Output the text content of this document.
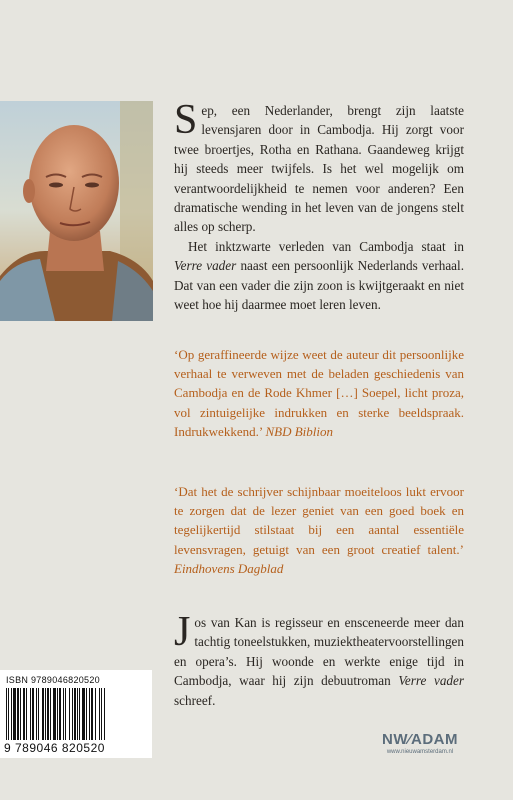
Sep, een Nederlander, brengt zijn laatste levensjaren door in Cambodja. Hij zorgt voor twee broertjes, Rotha en Rathana. Gaandeweg krijgt hij steeds meer twijfels. Is het wel mogelijk om verantwoordelijkheid te nemen voor anderen? Een dramatische wending in het leven van de jongens stelt alles op scherp.

Het inktzwarte verleden van Cambodja staat in Verre vader naast een persoonlijk Nederlands verhaal. Dat van een vader die zijn zoon is kwijtgeraakt en niet weet hoe hij daarmee moet leren leven.

‘Op geraffineerde wijze weet de auteur dit persoonlijke verhaal te verweven met de beladen geschiedenis van Cambodja en de Rode Khmer […] Soepel, licht proza, vol zintuigelijke indrukken en sterke beeldspraak. Indrukwekkend.’ NBD Biblion

‘Dat het de schrijver schijnbaar moeiteloos lukt ervoor te zorgen dat de lezer geniet van een goed boek en tegelijkertijd stilstaat bij een aantal essentiële levensvragen, getuigt van een groot creatief talent.’ Eindhovens Dagblad

Jos van Kan is regisseur en ensceneerde meer dan tachtig toneelstukken, muziektheatervoorstellingen en opera’s. Hij woonde en werkte enige tijd in Cambodja, waar hij zijn debuutroman Verre vader schreef.

ISBN 9789046820520
9 789046 820520	NW⁄ADAM
www.nieuwamsterdam.nl
